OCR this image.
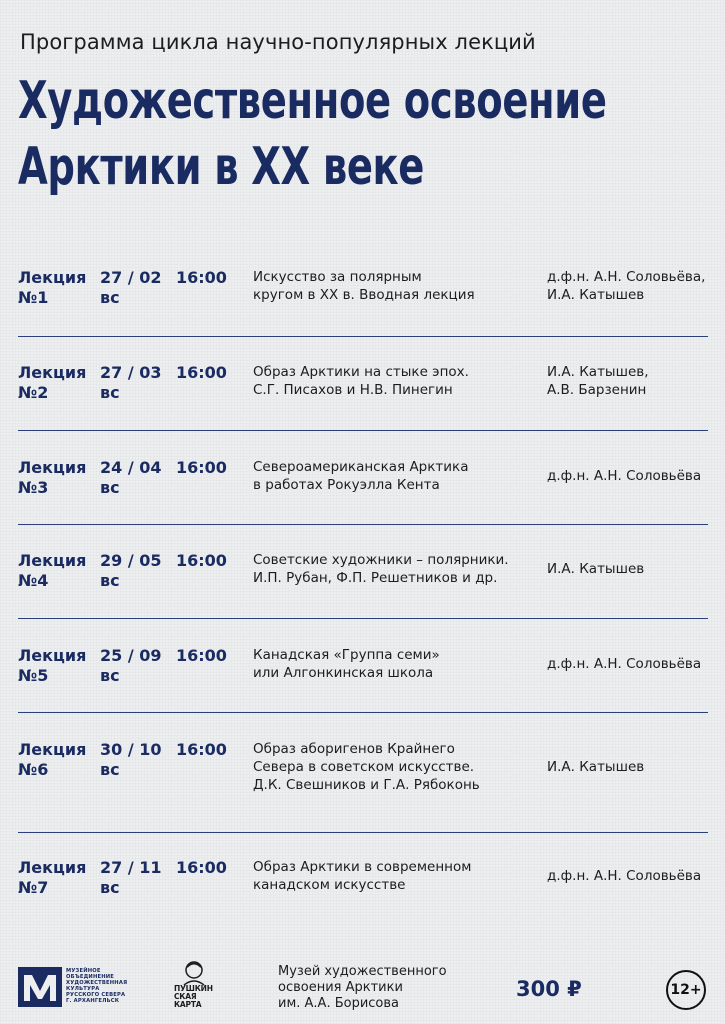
Программа цикла научно-популярных лекций
Художественное освоение
Арктики в XX веке
Лекция
№1
27 / 02
вс
16:00 Искусство за полярным
кругом в XX в. Вводная лекция
д.ф.н. А.Н. Соловьёва,
И.А. Катышев
Лекция
№2
27 / 03
вс
16:00 Образ Арктики на стыке эпох.
С.Г. Писахов и Н.В. Пинегин
И.А. Катышев,
А.В. Барзенин
Лекция
№3
24 / 04
вс
16:00 Североамериканская Арктика
в работах Рокуэлла Кента
д.ф.н. А.Н. Соловьёва
Лекция
№4
29 / 05
вс
16:00 Советские художники – полярники.
И.П. Рубан, Ф.П. Решетников и др.
И.А. Катышев
Лекция
№5
25 / 09
вс
16:00 Канадская «Группа семи»
или Алгонкинская школа
д.ф.н. А.Н. Соловьёва
Лекция
№6
30 / 10
вс
16:00 Образ аборигенов Крайнего
Севера в советском искусстве.
Д.К. Свешников и Г.А. Рябоконь
И.А. Катышев
Лекция
№7
27 / 11
вс
16:00 Образ Арктики в современном
канадском искусстве
д.ф.н. А.Н. Соловьёва
МУЗЕЙНОЕ
ОБЪЕДИНЕНИЕ
ХУДОЖЕСТВЕННАЯ
КУЛЬТУРА
РУССКОГО СЕВЕРА
Г. АРХАНГЕЛЬСК
ПУШКИН
СКАЯ
КАРТА
Музей художественного
освоения Арктики
им. А.А. Борисова
300 ₽	12+
